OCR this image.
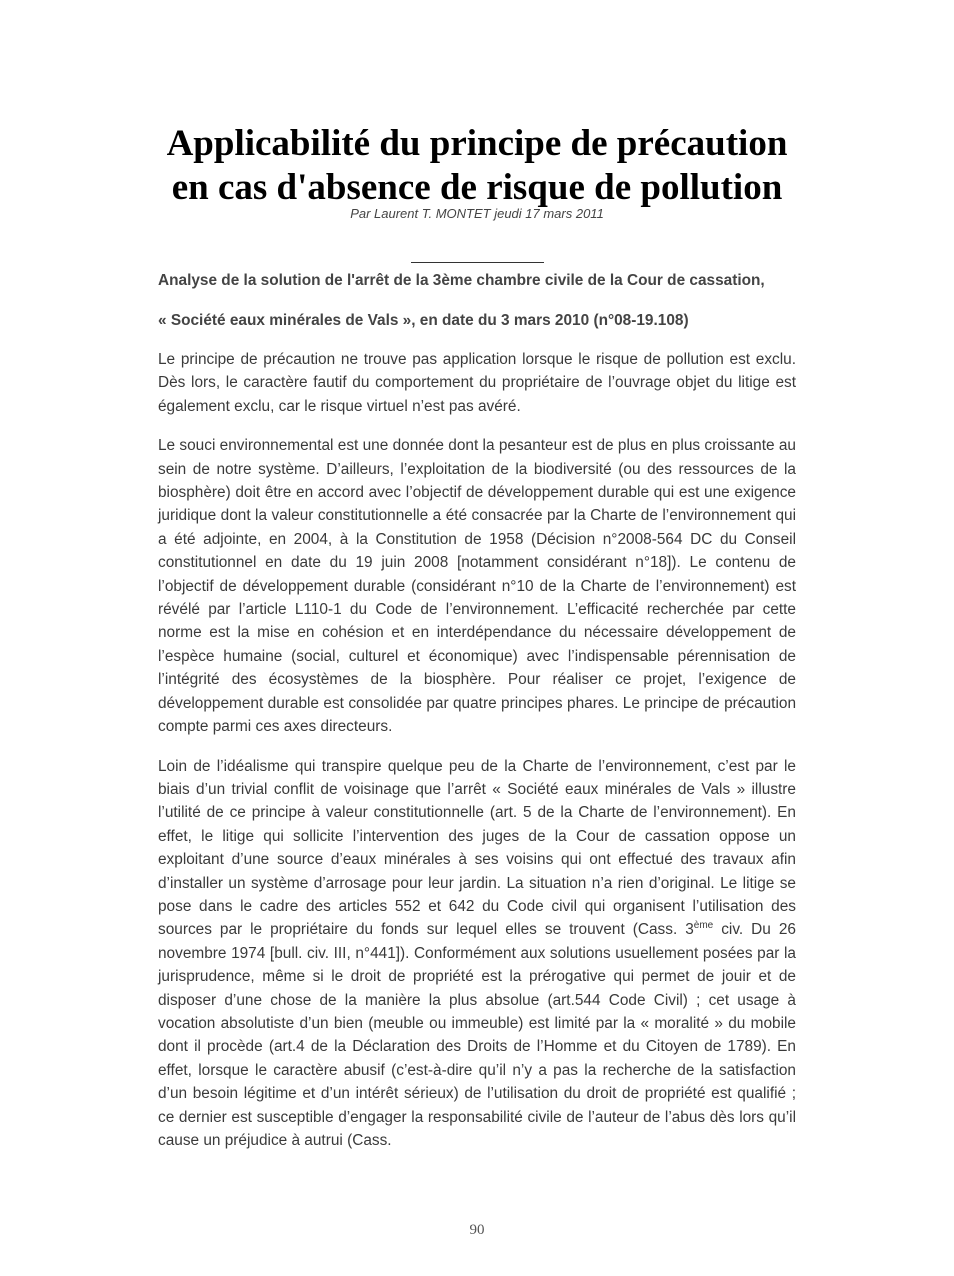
Applicabilité du principe de précaution
en cas d'absence de risque de pollution
Par Laurent T. MONTET jeudi 17 mars 2011

Analyse de la solution de l'arrêt de la 3ème chambre civile de la Cour de cassation,

« Société eaux minérales de Vals », en date du 3 mars 2010 (n°08-19.108)

Le principe de précaution ne trouve pas application lorsque le risque de pollution est exclu. Dès lors, le caractère fautif du comportement du propriétaire de l’ouvrage objet du litige est également exclu, car le risque virtuel n’est pas avéré.

Le souci environnemental est une donnée dont la pesanteur est de plus en plus croissante au sein de notre système. D’ailleurs, l’exploitation de la biodiversité (ou des ressources de la biosphère) doit être en accord avec l’objectif de développement durable qui est une exigence juridique dont la valeur constitutionnelle a été consacrée par la Charte de l’environnement qui a été adjointe, en 2004, à la Constitution de 1958 (Décision n°2008-564 DC du Conseil constitutionnel en date du 19 juin 2008 [notamment considérant n°18]). Le contenu de l’objectif de développement durable (considérant n°10 de la Charte de l’environnement) est révélé par l’article L110-1 du Code de l’environnement. L’efficacité recherchée par cette norme est la mise en cohésion et en interdépendance du nécessaire développement de l’espèce humaine (social, culturel et économique) avec l’indispensable pérennisation de l’intégrité des écosystèmes de la biosphère. Pour réaliser ce projet, l’exigence de développement durable est consolidée par quatre principes phares. Le principe de précaution compte parmi ces axes directeurs.

Loin de l’idéalisme qui transpire quelque peu de la Charte de l’environnement, c’est par le biais d’un trivial conflit de voisinage que l’arrêt « Société eaux minérales de Vals » illustre l’utilité de ce principe à valeur constitutionnelle (art. 5 de la Charte de l’environnement). En effet, le litige qui sollicite l’intervention des juges de la Cour de cassation oppose un exploitant d’une source d’eaux minérales à ses voisins qui ont effectué des travaux afin d’installer un système d’arrosage pour leur jardin. La situation n’a rien d’original. Le litige se pose dans le cadre des articles 552 et 642 du Code civil qui organisent l’utilisation des sources par le propriétaire du fonds sur lequel elles se trouvent (Cass. 3ème civ. Du 26 novembre 1974 [bull. civ. III, n°441]). Conformément aux solutions usuellement posées par la jurisprudence, même si le droit de propriété est la prérogative qui permet de jouir et de disposer d’une chose de la manière la plus absolue (art.544 Code Civil) ; cet usage à vocation absolutiste d’un bien (meuble ou immeuble) est limité par la « moralité » du mobile dont il procède (art.4 de la Déclaration des Droits de l’Homme et du Citoyen de 1789). En effet, lorsque le caractère abusif (c’est-à-dire qu’il n’y a pas la recherche de la satisfaction d’un besoin légitime et d’un intérêt sérieux) de l’utilisation du droit de propriété est qualifié ; ce dernier est susceptible d’engager la responsabilité civile de l’auteur de l’abus dès lors qu’il cause un préjudice à autrui (Cass.

90
